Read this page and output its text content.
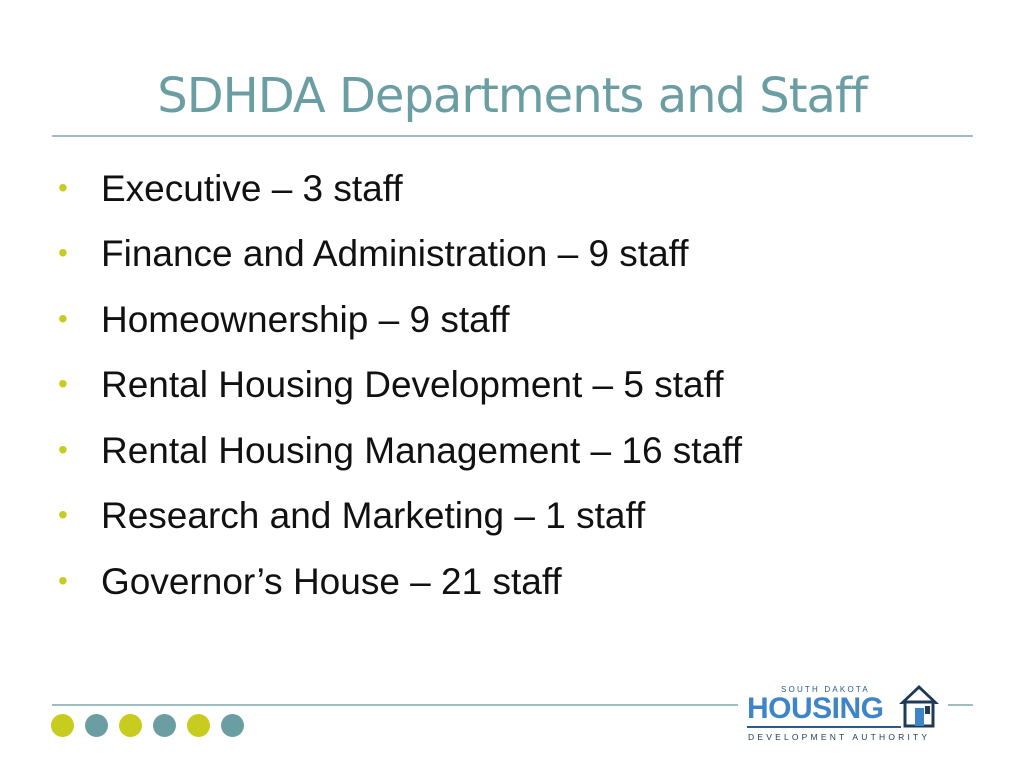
SDHDA Departments and Staff
• Executive – 3 staff
• Finance and Administration – 9 staff
• Homeownership – 9 staff
• Rental Housing Development – 5 staff
• Rental Housing Management – 16 staff
• Research and Marketing – 1 staff
• Governor’s House – 21 staff
SOUTH DAKOTA
HOUSING
DEVELOPMENT AUTHORITY
